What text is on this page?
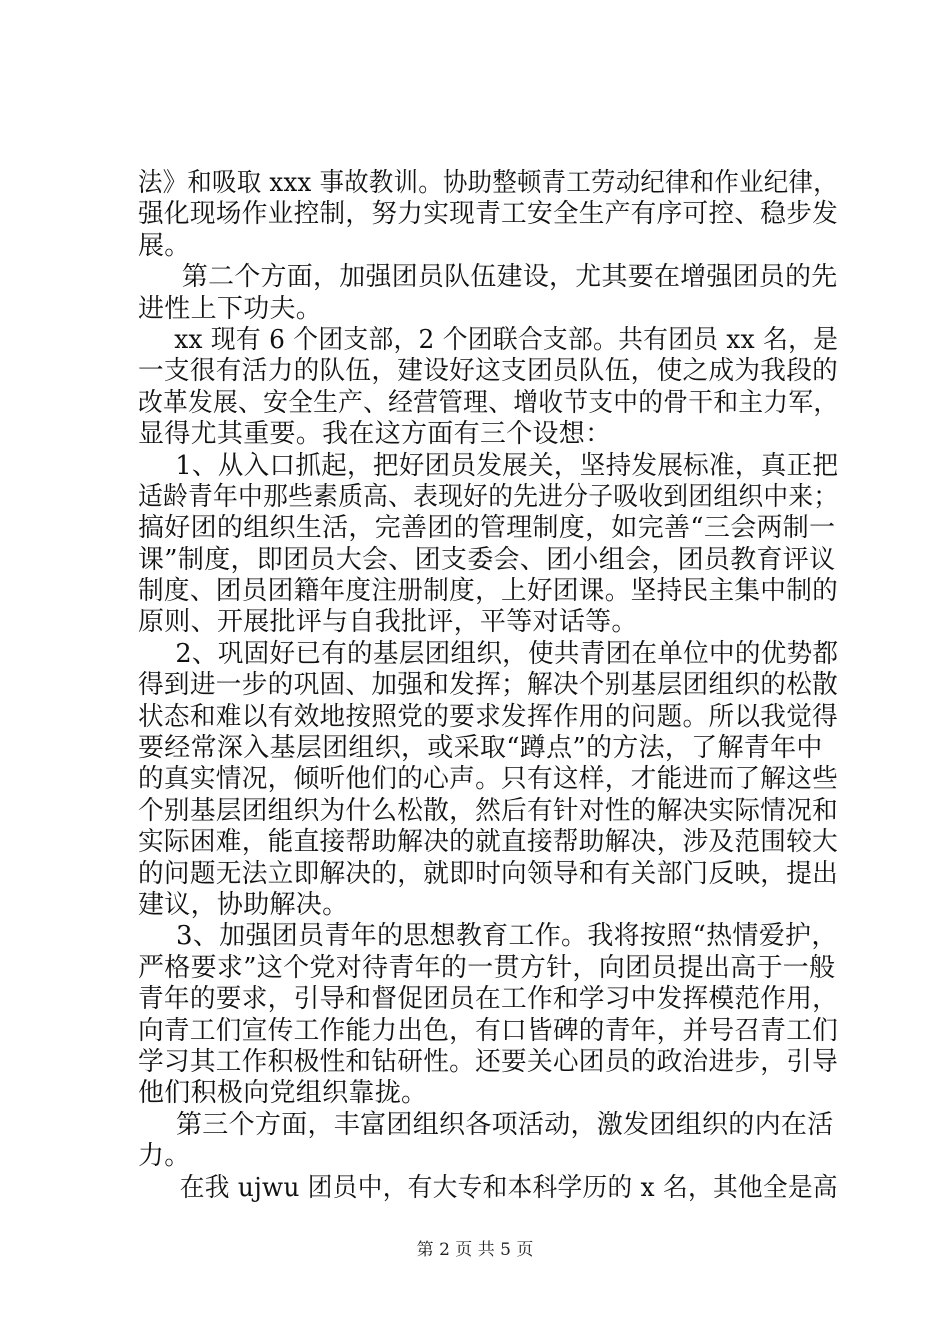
法》和吸取 xxx 事故教训。协助整顿青工劳动纪律和作业纪律，
强化现场作业控制，努力实现青工安全生产有序可控、稳步发
展。
第二个方面，加强团员队伍建设，尤其要在增强团员的先
进性上下功夫。
xx 现有 6 个团支部，2 个团联合支部。共有团员 xx 名，是
一支很有活力的队伍，建设好这支团员队伍，使之成为我段的
改革发展、安全生产、经营管理、增收节支中的骨干和主力军，
显得尤其重要。我在这方面有三个设想：
1、从入口抓起，把好团员发展关，坚持发展标准，真正把
适龄青年中那些素质高、表现好的先进分子吸收到团组织中来；
搞好团的组织生活，完善团的管理制度，如完善“三会两制一
课”制度，即团员大会、团支委会、团小组会，团员教育评议
制度、团员团籍年度注册制度，上好团课。坚持民主集中制的
原则、开展批评与自我批评，平等对话等。
2、巩固好已有的基层团组织，使共青团在单位中的优势都
得到进一步的巩固、加强和发挥；解决个别基层团组织的松散
状态和难以有效地按照党的要求发挥作用的问题。所以我觉得
要经常深入基层团组织，或采取“蹲点”的方法，了解青年中
的真实情况，倾听他们的心声。只有这样，才能进而了解这些
个别基层团组织为什么松散，然后有针对性的解决实际情况和
实际困难，能直接帮助解决的就直接帮助解决，涉及范围较大
的问题无法立即解决的，就即时向领导和有关部门反映，提出
建议，协助解决。
3、加强团员青年的思想教育工作。我将按照“热情爱护，
严格要求”这个党对待青年的一贯方针，向团员提出高于一般
青年的要求，引导和督促团员在工作和学习中发挥模范作用，
向青工们宣传工作能力出色，有口皆碑的青年，并号召青工们
学习其工作积极性和钻研性。还要关心团员的政治进步，引导
他们积极向党组织靠拢。
第三个方面，丰富团组织各项活动，激发团组织的内在活
力。
在我 ujwu 团员中，有大专和本科学历的 x 名，其他全是高
第 2 页 共 5 页
